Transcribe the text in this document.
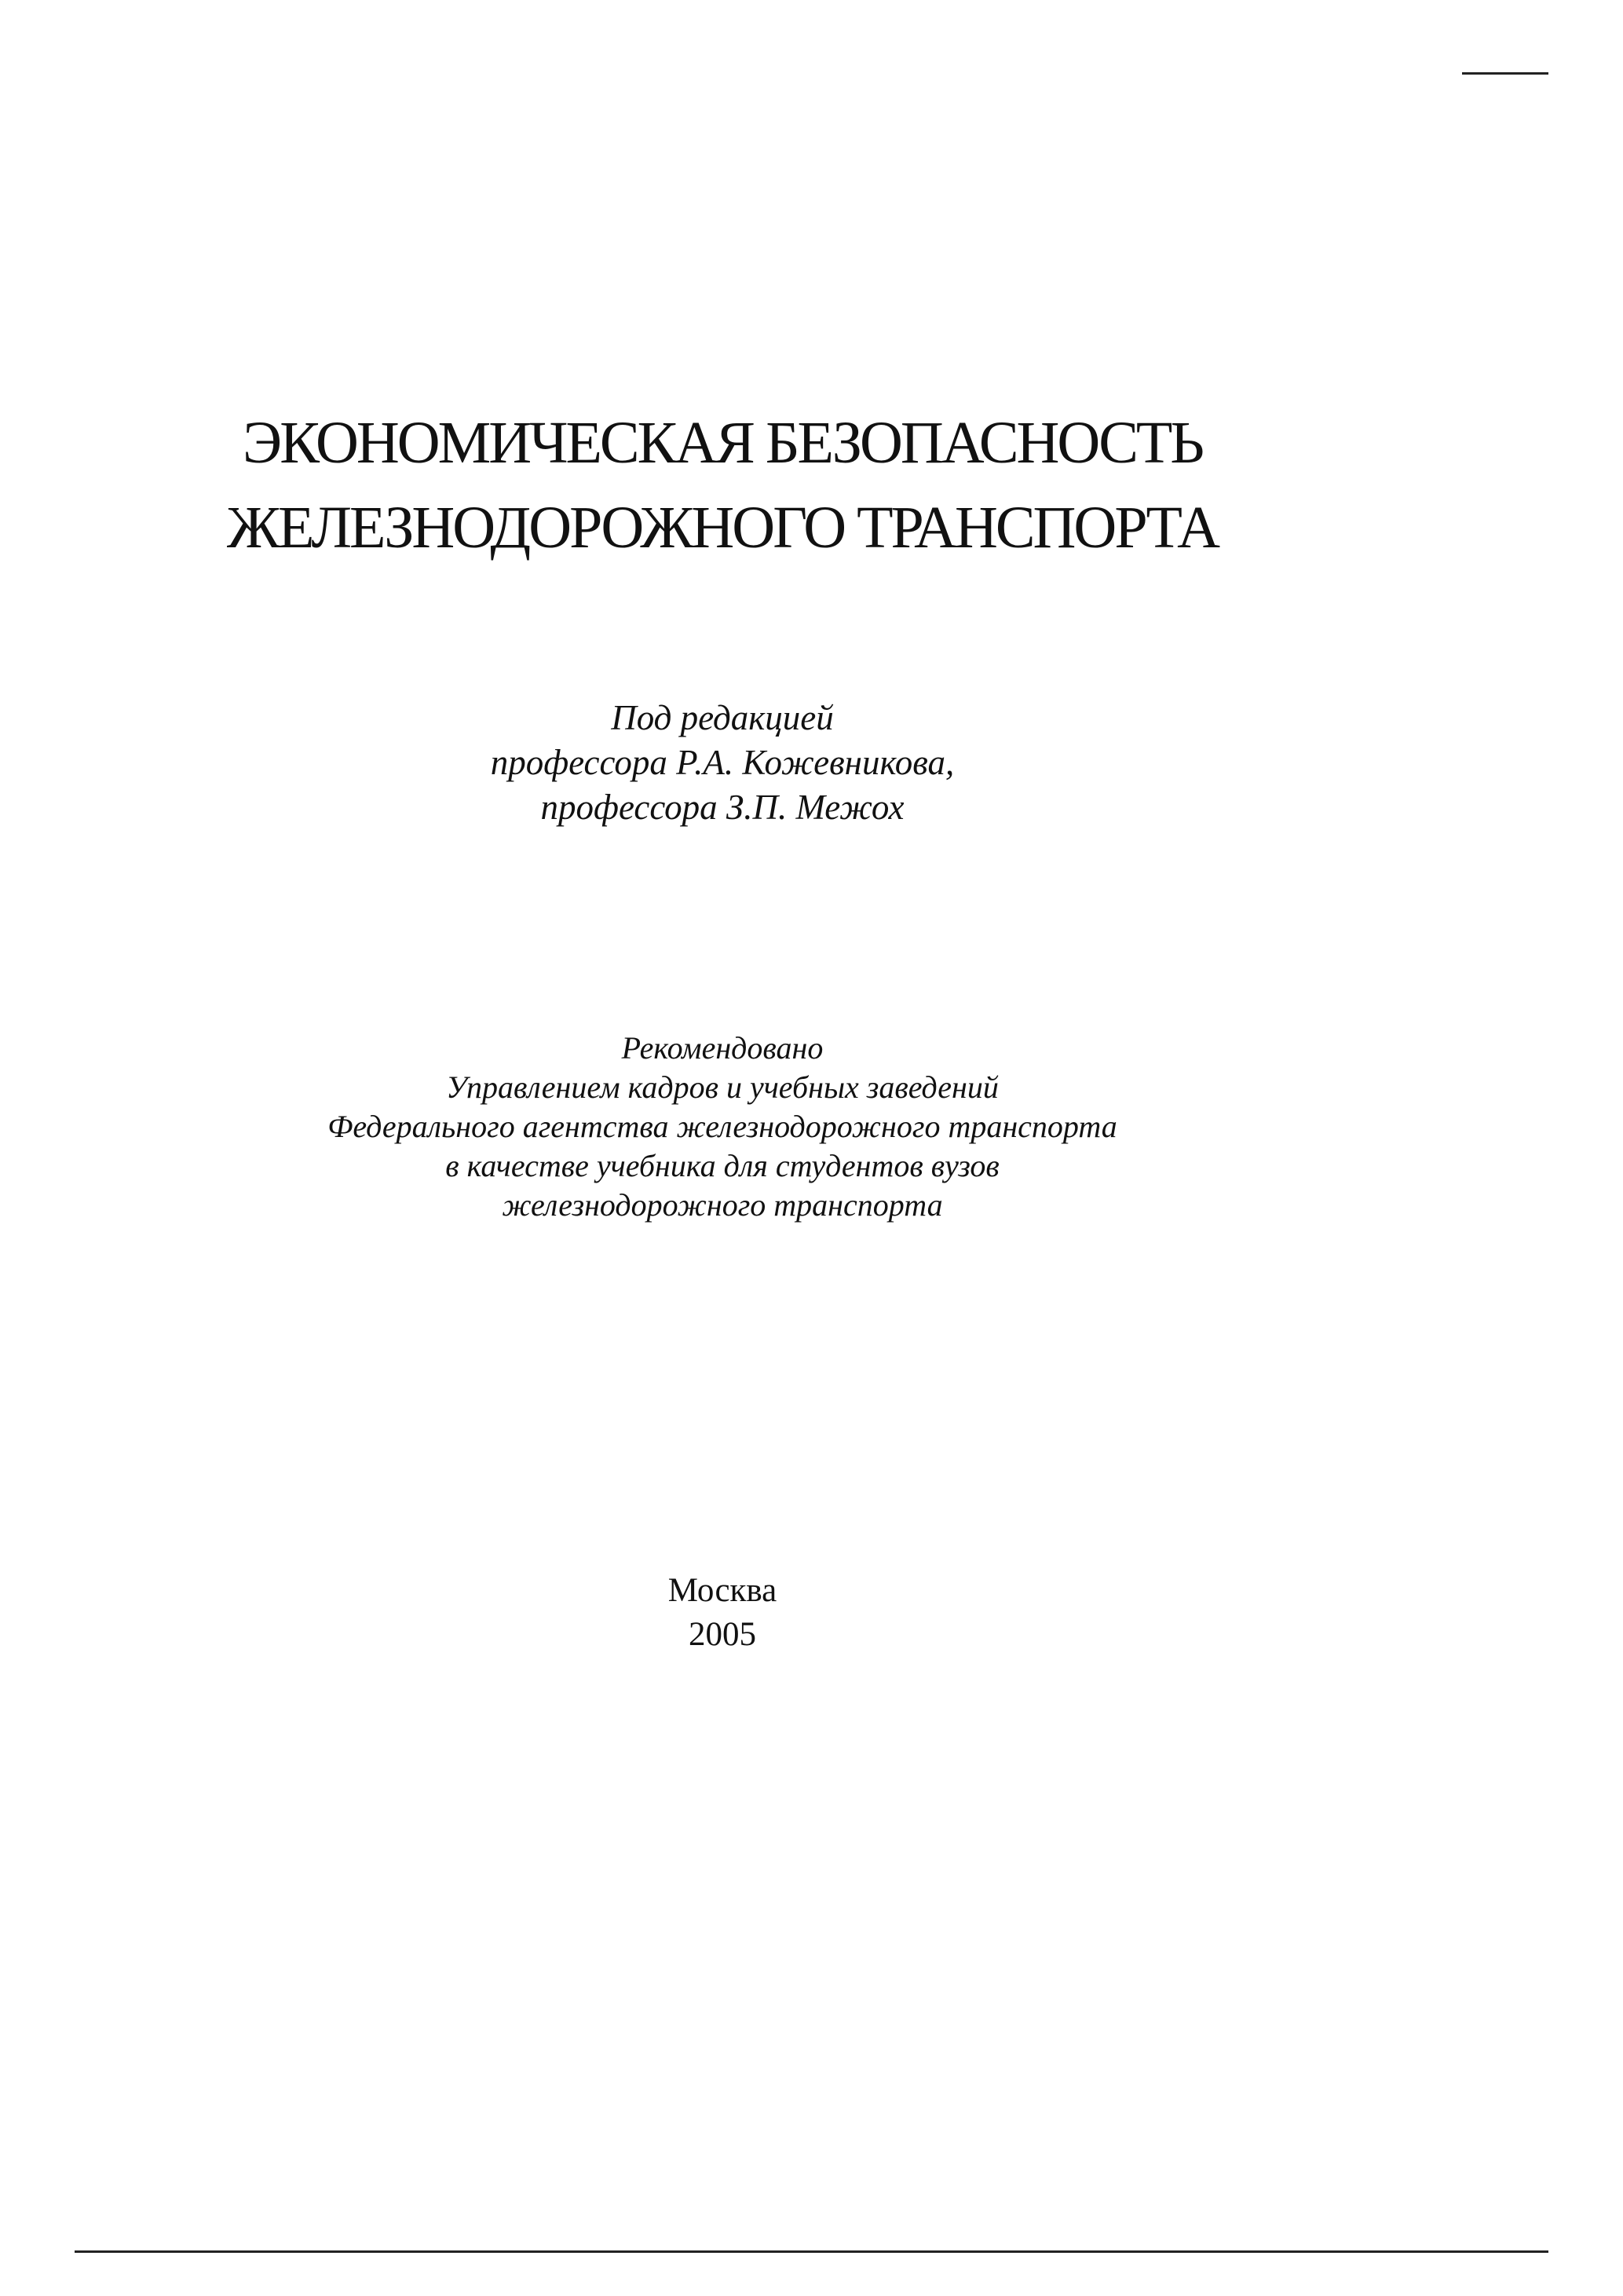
ЭКОНОМИЧЕСКАЯ БЕЗОПАСНОСТЬ
ЖЕЛЕЗНОДОРОЖНОГО ТРАНСПОРТА
Под редакцией
профессора Р.А. Кожевникова,
профессора З.П. Межох
Рекомендовано
Управлением кадров и учебных заведений
Федерального агентства железнодорожного транспорта
в качестве учебника для студентов вузов
железнодорожного транспорта
Москва
2005
